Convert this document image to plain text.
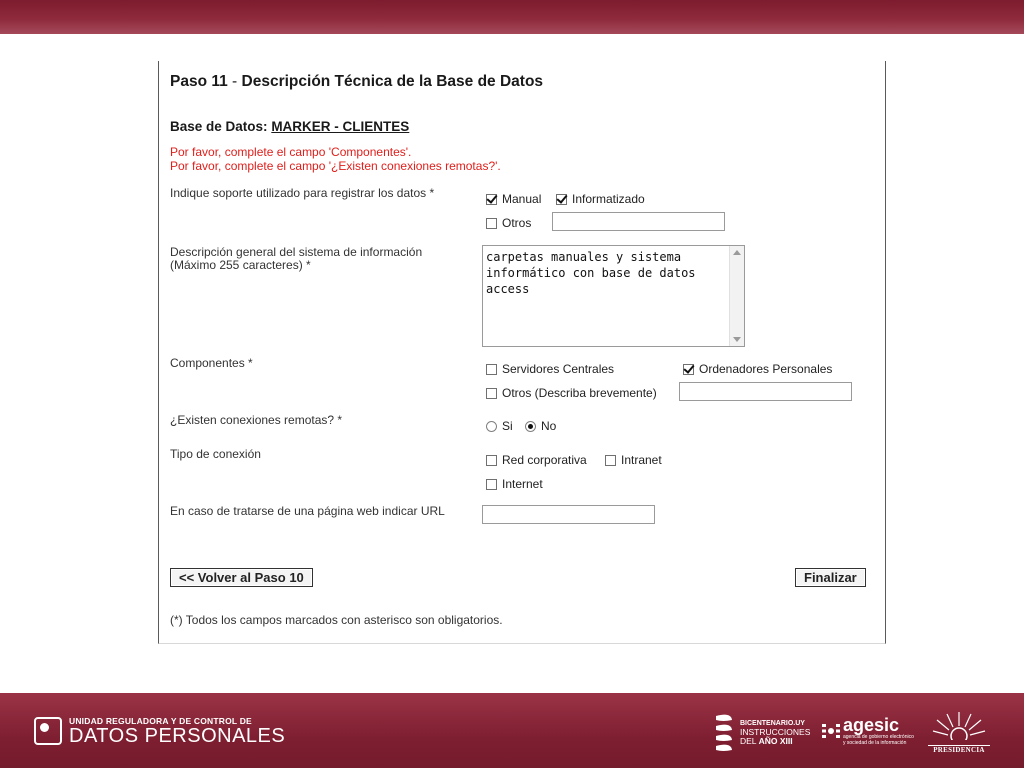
Paso 11 - Descripción Técnica de la Base de Datos
Base de Datos: MARKER - CLIENTES
Por favor, complete el campo 'Componentes'.
Por favor, complete el campo '¿Existen conexiones remotas?'.
Indique soporte utilizado para registrar los datos *	Manual	Informatizado
Otros
Descripción general del sistema de información
(Máximo 255 caracteres) *
carpetas manuales y sistema
informático con base de datos
access
Componentes *	Servidores Centrales	Ordenadores Personales
Otros (Describa brevemente)
¿Existen conexiones remotas? *	Si No
Tipo de conexión	Red corporativa	Intranet
Internet
En caso de tratarse de una página web indicar URL
<< Volver al Paso 10	Finalizar
(*) Todos los campos marcados con asterisco son obligatorios.
UNIDAD REGULADORA Y DE CONTROL DE
DATOS PERSONALES
BICENTENARIO.UY
INSTRUCCIONES
DEL AÑO XIII
agesic
agencia de gobierno electrónico
y sociedad de la información
PRESIDENCIA
